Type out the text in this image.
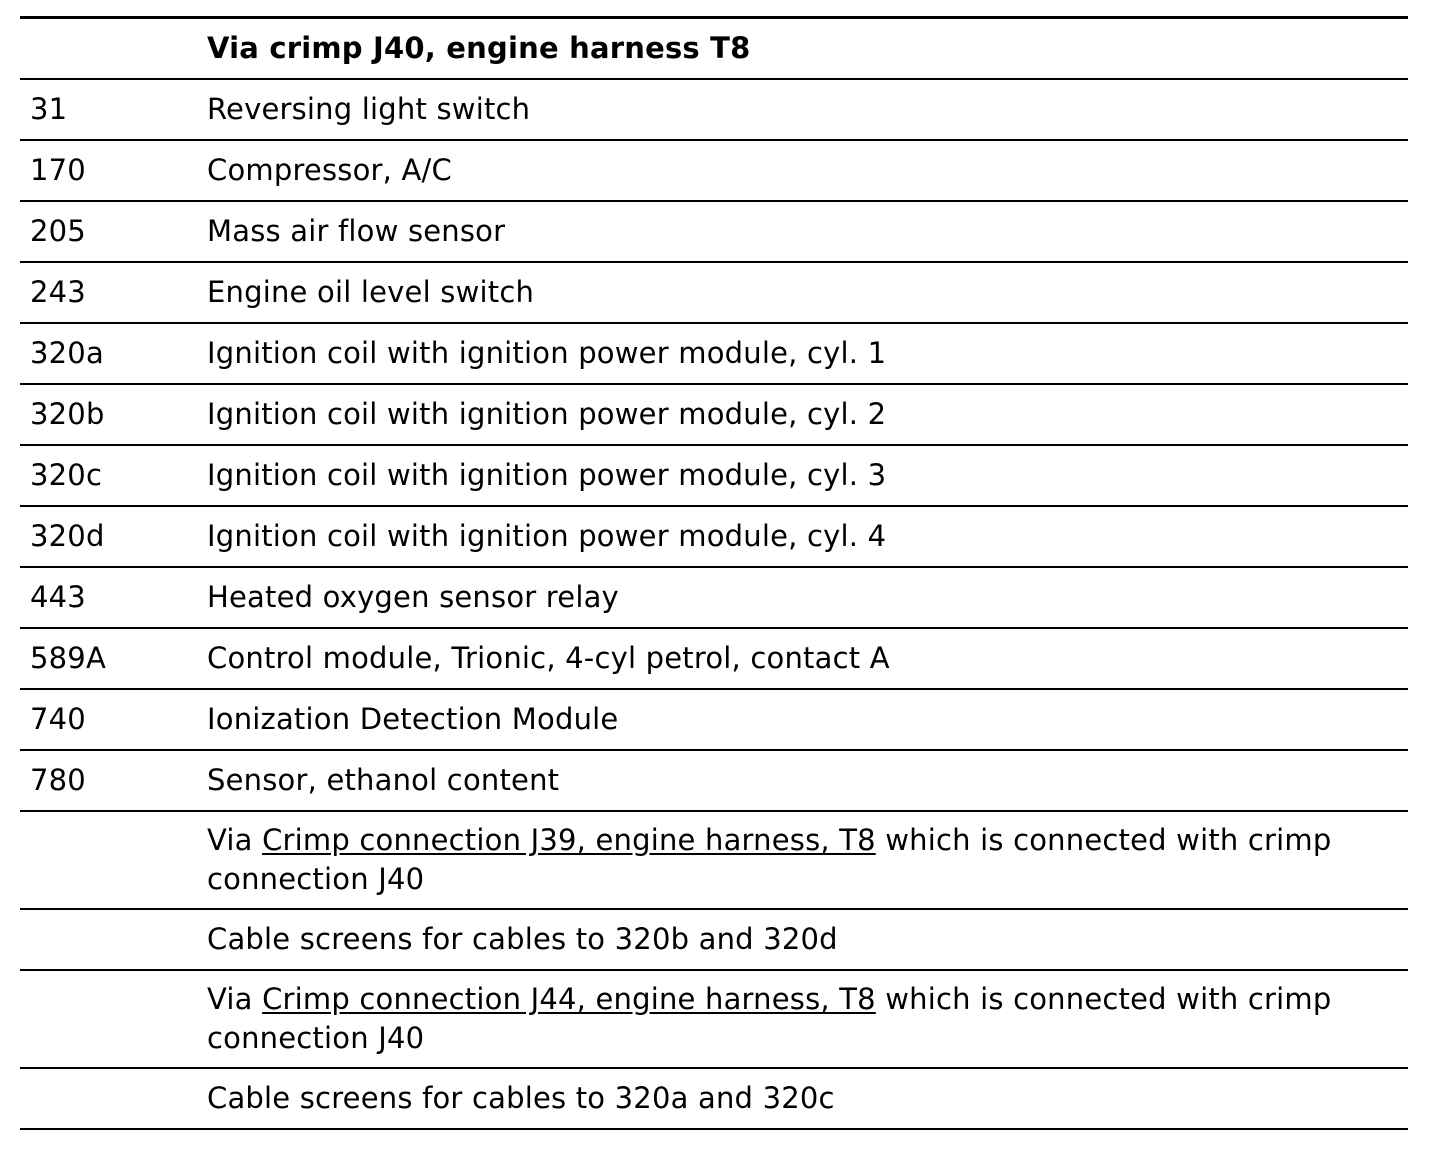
	Via crimp J40, engine harness T8
31	Reversing light switch
170	Compressor, A/C
205	Mass air flow sensor
243	Engine oil level switch
320a	Ignition coil with ignition power module, cyl. 1
320b	Ignition coil with ignition power module, cyl. 2
320c	Ignition coil with ignition power module, cyl. 3
320d	Ignition coil with ignition power module, cyl. 4
443	Heated oxygen sensor relay
589A	Control module, Trionic, 4-cyl petrol, contact A
740	Ionization Detection Module
780	Sensor, ethanol content
	Via Crimp connection J39, engine harness, T8 which is connected with crimp connection J40
	Cable screens for cables to 320b and 320d
	Via Crimp connection J44, engine harness, T8 which is connected with crimp connection J40
	Cable screens for cables to 320a and 320c
